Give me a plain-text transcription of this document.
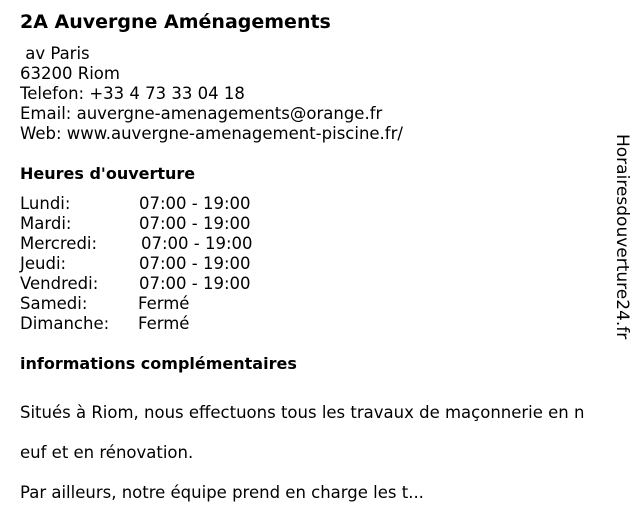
2A Auvergne Aménagements
av Paris
63200 Riom
Telefon: +33 4 73 33 04 18
Email: auvergne-amenagements@orange.fr
Web: www.auvergne-amenagement-piscine.fr/
Heures d'ouverture
Lundi:	07:00 - 19:00
Mardi:	07:00 - 19:00
Mercredi:	07:00 - 19:00
Jeudi:	07:00 - 19:00
Vendredi: 07:00 - 19:00
Samedi:	Fermé
Dimanche: Fermé
informations complémentaires

Situés à Riom, nous effectuons tous les travaux de maçonnerie en n

euf et en rénovation.

Par ailleurs, notre équipe prend en charge les t...

Horairesdouverture24.fr
